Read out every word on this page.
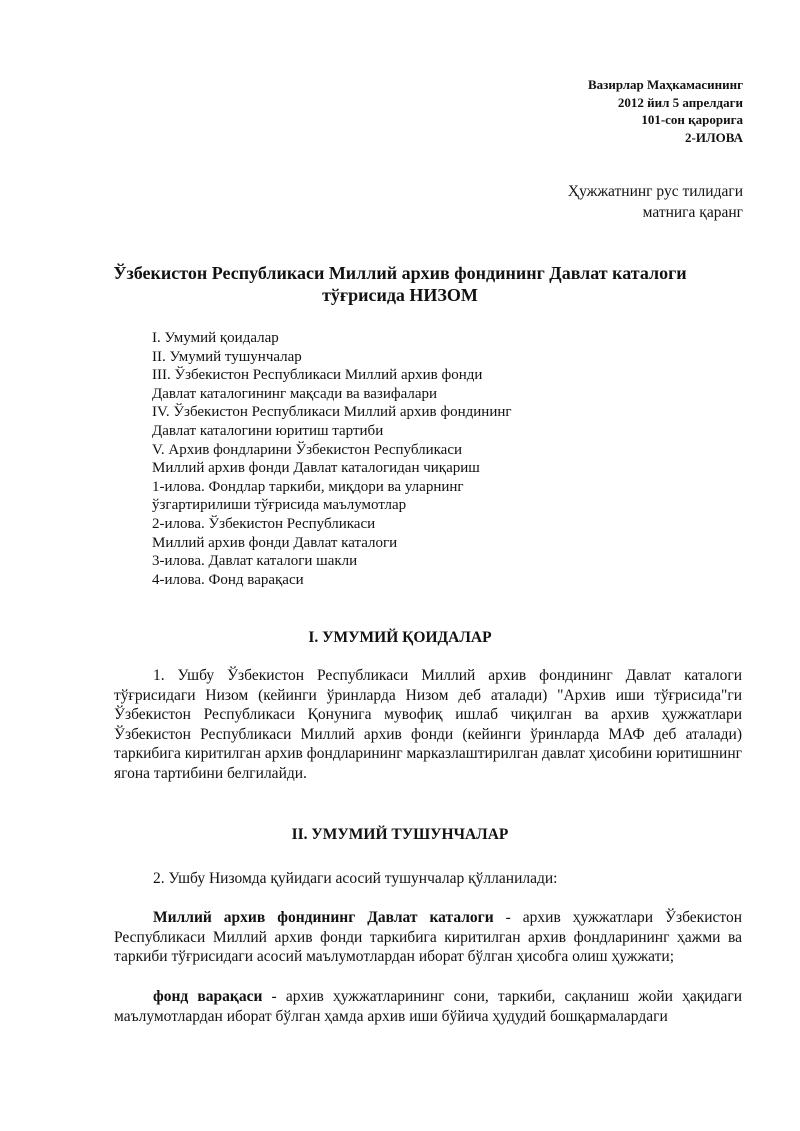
Вазирлар Маҳкамасининг
2012 йил 5 апрелдаги
101-сон қарорига
2-ИЛОВА
Ҳужжатнинг рус тилидаги
матнига қаранг
Ўзбекистон Республикаси Миллий архив фондининг Давлат каталоги
тўғрисида НИЗОМ
I. Умумий қоидалар
II. Умумий тушунчалар
III. Ўзбекистон Республикаси Миллий архив фонди
Давлат каталогининг мақсади ва вазифалари
IV. Ўзбекистон Республикаси Миллий архив фондининг
Давлат каталогини юритиш тартиби
V. Архив фондларини Ўзбекистон Республикаси
Миллий архив фонди Давлат каталогидан чиқариш
1-илова. Фондлар таркиби, миқдори ва уларнинг
ўзгартирилиши тўғрисида маълумотлар
2-илова. Ўзбекистон Республикаси
Миллий архив фонди Давлат каталоги
3-илова. Давлат каталоги шакли
4-илова. Фонд варақаси
I. УМУМИЙ ҚОИДАЛАР
1. Ушбу Ўзбекистон Республикаси Миллий архив фондининг Давлат каталоги тўғрисидаги Низом (кейинги ўринларда Низом деб аталади) "Архив иши тўғрисида"ги Ўзбекистон Республикаси Қонунига мувофиқ ишлаб чиқилган ва архив ҳужжатлари Ўзбекистон Республикаси Миллий архив фонди (кейинги ўринларда МАФ деб аталади) таркибига киритилган архив фондларининг марказлаштирилган давлат ҳисобини юритишнинг ягона тартибини белгилайди.
II. УМУМИЙ ТУШУНЧАЛАР
2. Ушбу Низомда қуйидаги асосий тушунчалар қўлланилади:
Миллий архив фондининг Давлат каталоги - архив ҳужжатлари Ўзбекистон Республикаси Миллий архив фонди таркибига киритилган архив фондларининг ҳажми ва таркиби тўғрисидаги асосий маълумотлардан иборат бўлган ҳисобга олиш ҳужжати;
фонд варақаси - архив ҳужжатларининг сони, таркиби, сақланиш жойи ҳақидаги маълумотлардан иборат бўлган ҳамда архив иши бўйича ҳудудий бошқармалардаги
